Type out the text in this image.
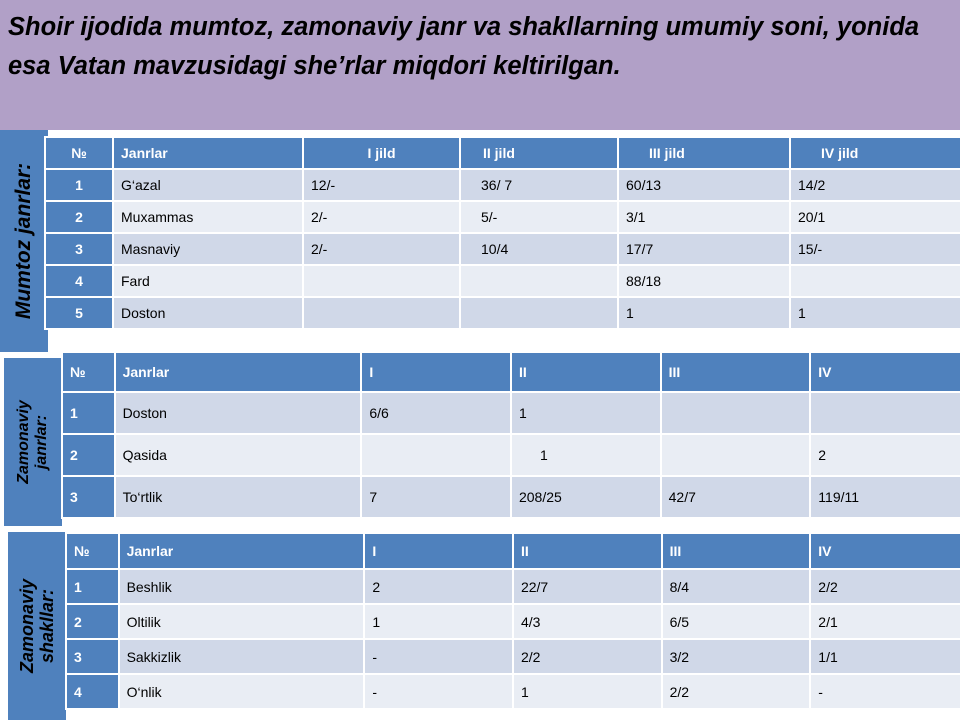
Shoir ijodida mumtoz, zamonaviy janr va shakllarning umumiy soni, yonida esa Vatan mavzusidagi she’rlar miqdori keltirilgan.

Mumtoz janrlar:
№	Janrlar	I jild	II jild	III jild	IV jild
1	G‘azal	12/-	36/ 7	60/13	14/2
2	Muxammas	2/-	5/-	3/1	20/1
3	Masnaviy	2/-	10/4	17/7	15/-
4	Fard			88/18	
5	Doston			1	1
Zamonaviy janrlar:
№	Janrlar	I	II	III	IV
1	Doston	6/6	1		
2	Qasida		1		2
3	To‘rtlik	7	208/25	42/7	119/11
Zamonaviy shakllar:
№	Janrlar	I	II	III	IV
1	Beshlik	2	22/7	8/4	2/2
2	Oltilik	1	4/3	6/5	2/1
3	Sakkizlik	-	2/2	3/2	1/1
4	O‘nlik	-	1	2/2	-
